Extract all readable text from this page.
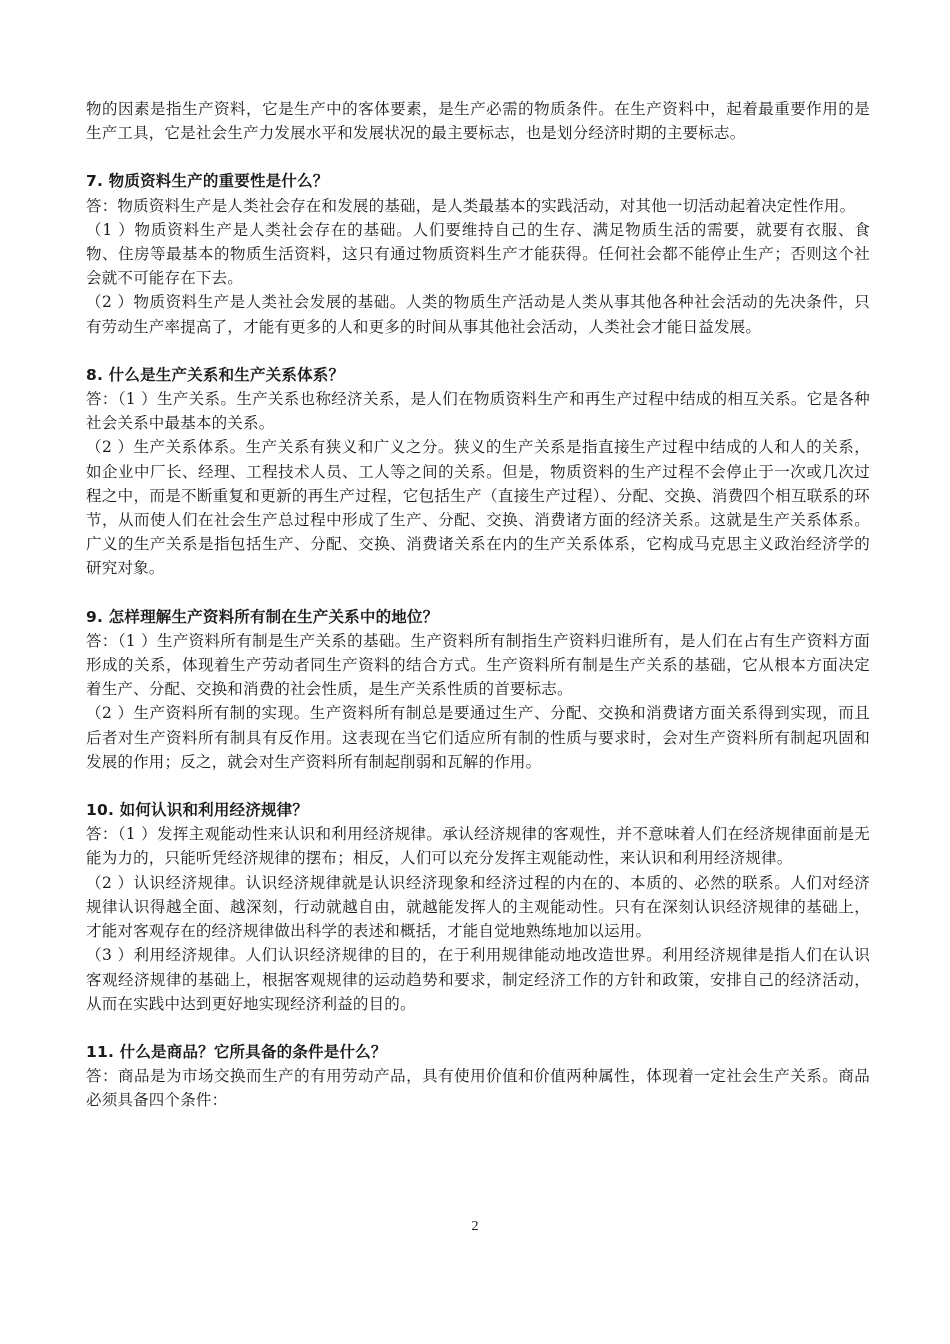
物的因素是指生产资料，它是生产中的客体要素，是生产必需的物质条件。在生产资料中，起着最重要作用的是生产工具，它是社会生产力发展水平和发展状况的最主要标志，也是划分经济时期的主要标志。

7. 物质资料生产的重要性是什么？

答：物质资料生产是人类社会存在和发展的基础，是人类最基本的实践活动，对其他一切活动起着决定性作用。

（1 ）物质资料生产是人类社会存在的基础。人们要维持自己的生存、满足物质生活的需要，就要有衣服、食物、住房等最基本的物质生活资料，这只有通过物质资料生产才能获得。任何社会都不能停止生产；否则这个社会就不可能存在下去。

（2 ）物质资料生产是人类社会发展的基础。人类的物质生产活动是人类从事其他各种社会活动的先决条件，只有劳动生产率提高了，才能有更多的人和更多的时间从事其他社会活动，人类社会才能日益发展。

8. 什么是生产关系和生产关系体系？

答：（1 ）生产关系。生产关系也称经济关系，是人们在物质资料生产和再生产过程中结成的相互关系。它是各种社会关系中最基本的关系。

（2 ）生产关系体系。生产关系有狭义和广义之分。狭义的生产关系是指直接生产过程中结成的人和人的关系，如企业中厂长、经理、工程技术人员、工人等之间的关系。但是，物质资料的生产过程不会停止于一次或几次过程之中，而是不断重复和更新的再生产过程，它包括生产（直接生产过程）、分配、交换、消费四个相互联系的环节，从而使人们在社会生产总过程中形成了生产、分配、交换、消费诸方面的经济关系。这就是生产关系体系。广义的生产关系是指包括生产、分配、交换、消费诸关系在内的生产关系体系，它构成马克思主义政治经济学的研究对象。

9. 怎样理解生产资料所有制在生产关系中的地位？

答：（1 ）生产资料所有制是生产关系的基础。生产资料所有制指生产资料归谁所有，是人们在占有生产资料方面形成的关系，体现着生产劳动者同生产资料的结合方式。生产资料所有制是生产关系的基础，它从根本方面决定着生产、分配、交换和消费的社会性质，是生产关系性质的首要标志。

（2 ）生产资料所有制的实现。生产资料所有制总是要通过生产、分配、交换和消费诸方面关系得到实现，而且后者对生产资料所有制具有反作用。这表现在当它们适应所有制的性质与要求时，会对生产资料所有制起巩固和发展的作用；反之，就会对生产资料所有制起削弱和瓦解的作用。

10. 如何认识和利用经济规律？

答：（1 ）发挥主观能动性来认识和利用经济规律。承认经济规律的客观性，并不意味着人们在经济规律面前是无能为力的，只能听凭经济规律的摆布；相反，人们可以充分发挥主观能动性，来认识和利用经济规律。

（2 ）认识经济规律。认识经济规律就是认识经济现象和经济过程的内在的、本质的、必然的联系。人们对经济规律认识得越全面、越深刻，行动就越自由，就越能发挥人的主观能动性。只有在深刻认识经济规律的基础上，才能对客观存在的经济规律做出科学的表述和概括，才能自觉地熟练地加以运用。

（3 ）利用经济规律。人们认识经济规律的目的，在于利用规律能动地改造世界。利用经济规律是指人们在认识客观经济规律的基础上，根据客观规律的运动趋势和要求，制定经济工作的方针和政策，安排自己的经济活动，从而在实践中达到更好地实现经济利益的目的。

11. 什么是商品？它所具备的条件是什么？

答：商品是为市场交换而生产的有用劳动产品，具有使用价值和价值两种属性，体现着一定社会生产关系。商品必须具备四个条件：

2
